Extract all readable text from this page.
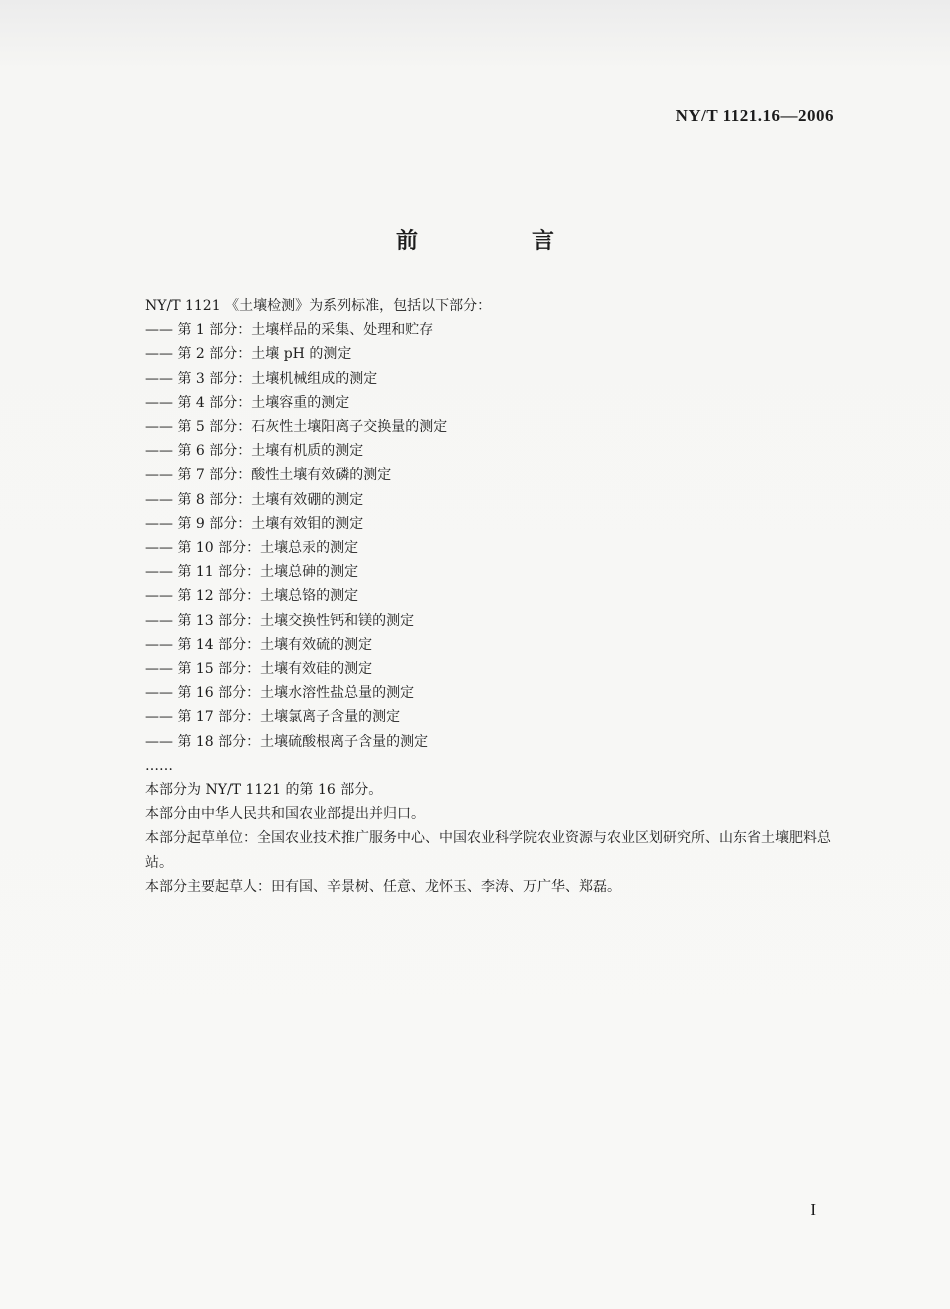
NY/T 1121.16—2006
前　言
NY/T 1121 《土壤检测》为系列标准，包括以下部分：
—— 第 1 部分：土壤样品的采集、处理和贮存
—— 第 2 部分：土壤 pH 的测定
—— 第 3 部分：土壤机械组成的测定
—— 第 4 部分：土壤容重的测定
—— 第 5 部分：石灰性土壤阳离子交换量的测定
—— 第 6 部分：土壤有机质的测定
—— 第 7 部分：酸性土壤有效磷的测定
—— 第 8 部分：土壤有效硼的测定
—— 第 9 部分：土壤有效钼的测定
—— 第 10 部分：土壤总汞的测定
—— 第 11 部分：土壤总砷的测定
—— 第 12 部分：土壤总铬的测定
—— 第 13 部分：土壤交换性钙和镁的测定
—— 第 14 部分：土壤有效硫的测定
—— 第 15 部分：土壤有效硅的测定
—— 第 16 部分：土壤水溶性盐总量的测定
—— 第 17 部分：土壤氯离子含量的测定
—— 第 18 部分：土壤硫酸根离子含量的测定
……
本部分为 NY/T 1121 的第 16 部分。
本部分由中华人民共和国农业部提出并归口。
本部分起草单位：全国农业技术推广服务中心、中国农业科学院农业资源与农业区划研究所、山东省土壤肥料总站。
本部分主要起草人：田有国、辛景树、任意、龙怀玉、李涛、万广华、郑磊。
I
